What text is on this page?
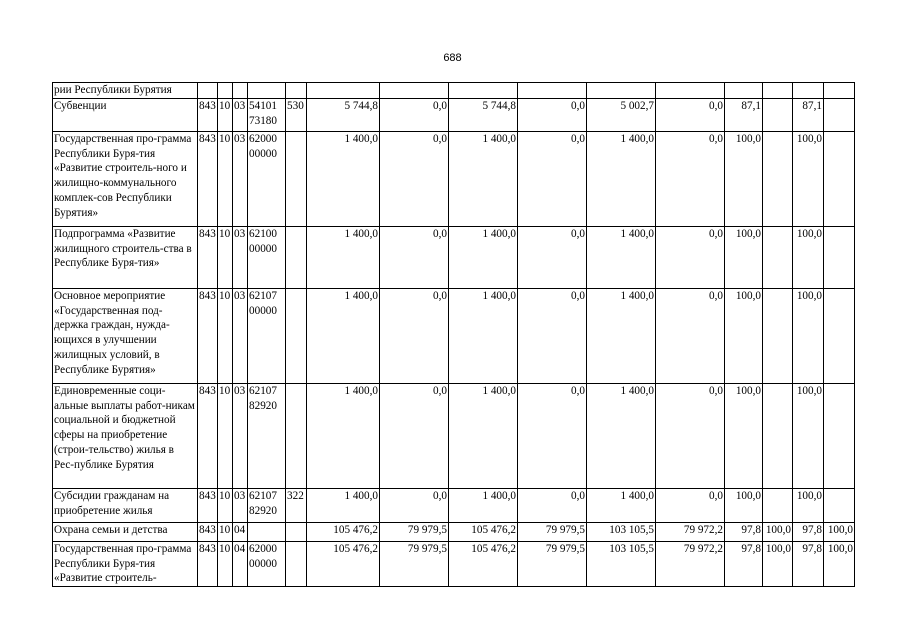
688
рии Республики Бурятия															
Субвенции	843	10	03	54101 73180	530	5 744,8	0,0	5 744,8	0,0	5 002,7	0,0	87,1		87,1	
Государственная про-грамма Республики Буря-тия «Развитие строитель-ного и жилищно-коммунального комплек-сов Республики Бурятия»	843	10	03	62000 00000		1 400,0	0,0	1 400,0	0,0	1 400,0	0,0	100,0		100,0	
Подпрограмма «Развитие жилищного строитель-ства в Республике Буря-тия»	843	10	03	62100 00000		1 400,0	0,0	1 400,0	0,0	1 400,0	0,0	100,0		100,0	
Основное мероприятие «Государственная под-держка граждан, нужда-ющихся в улучшении жилищных условий, в Республике Бурятия»	843	10	03	62107 00000		1 400,0	0,0	1 400,0	0,0	1 400,0	0,0	100,0		100,0	
Единовременные соци-альные выплаты работ-никам социальной и бюджетной сферы на приобретение (строи-тельство) жилья в Рес-публике Бурятия	843	10	03	62107 82920		1 400,0	0,0	1 400,0	0,0	1 400,0	0,0	100,0		100,0	
Субсидии гражданам на приобретение жилья	843	10	03	62107 82920	322	1 400,0	0,0	1 400,0	0,0	1 400,0	0,0	100,0		100,0	
Охрана семьи и детства	843	10	04			105 476,2	79 979,5	105 476,2	79 979,5	103 105,5	79 972,2	97,8	100,0	97,8	100,0
Государственная про-грамма Республики Буря-тия «Развитие строитель-	843	10	04	62000 00000		105 476,2	79 979,5	105 476,2	79 979,5	103 105,5	79 972,2	97,8	100,0	97,8	100,0
